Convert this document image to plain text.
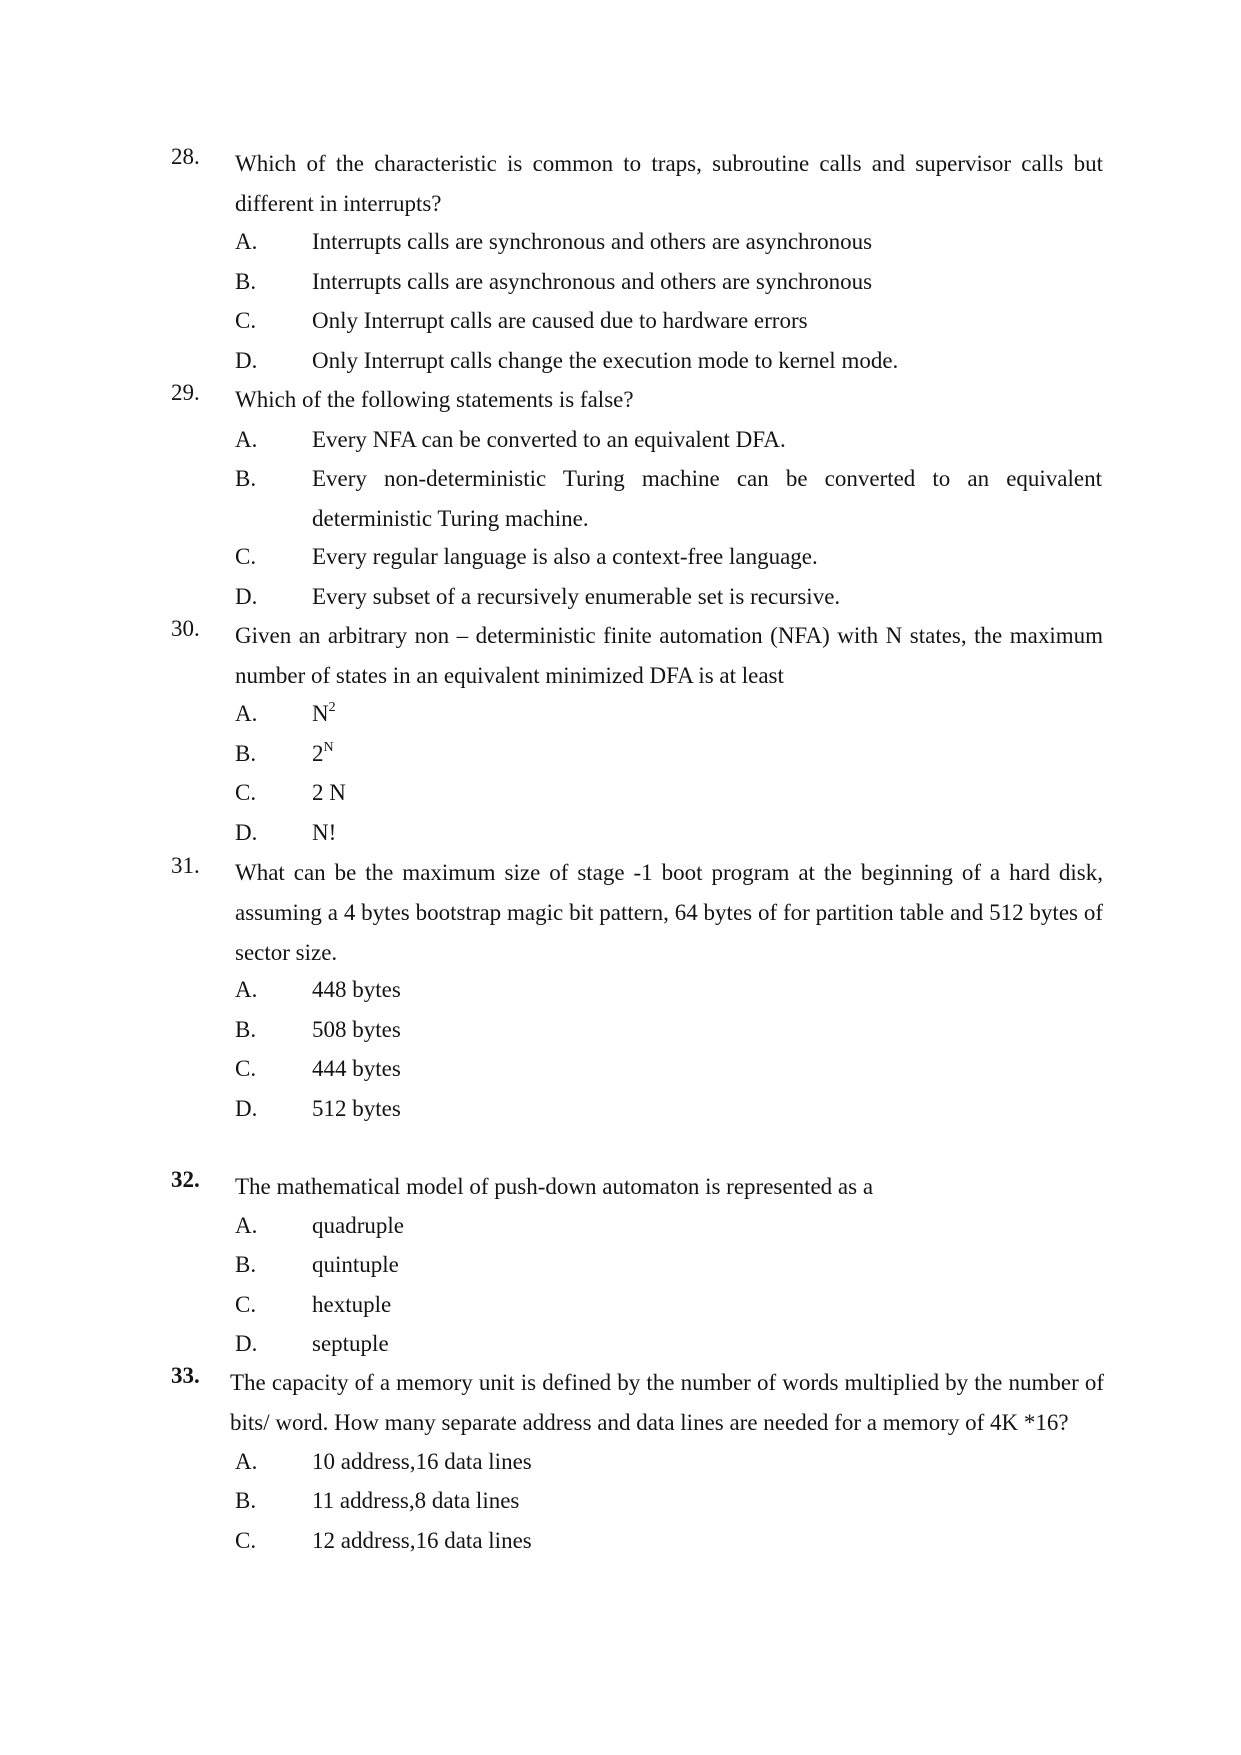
28. Which of the characteristic is common to traps, subroutine calls and supervisor calls but different in interrupts?
A. Interrupts calls are synchronous and others are asynchronous
B. Interrupts calls are asynchronous and others are synchronous
C. Only Interrupt calls are caused due to hardware errors
D. Only Interrupt calls change the execution mode to kernel mode.
29. Which of the following statements is false?
A. Every NFA can be converted to an equivalent DFA.
B. Every non-deterministic Turing machine can be converted to an equivalent deterministic Turing machine.
C. Every regular language is also a context-free language.
D. Every subset of a recursively enumerable set is recursive.
30. Given an arbitrary non – deterministic finite automation (NFA) with N states, the maximum number of states in an equivalent minimized DFA is at least
A. $N^2$
B. $2^N$
C. 2 N
D. N!
31. What can be the maximum size of stage -1 boot program at the beginning of a hard disk, assuming a 4 bytes bootstrap magic bit pattern, 64 bytes of for partition table and 512 bytes of sector size.
A. 448 bytes
B. 508 bytes
C. 444 bytes
D. 512 bytes
32. The mathematical model of push-down automaton is represented as a
A. quadruple
B. quintuple
C. hextuple
D. septuple
33. The capacity of a memory unit is defined by the number of words multiplied by the number of bits/ word. How many separate address and data lines are needed for a memory of 4K *16?
A. 10 address,16 data lines
B. 11 address,8 data lines
C. 12 address,16 data lines
